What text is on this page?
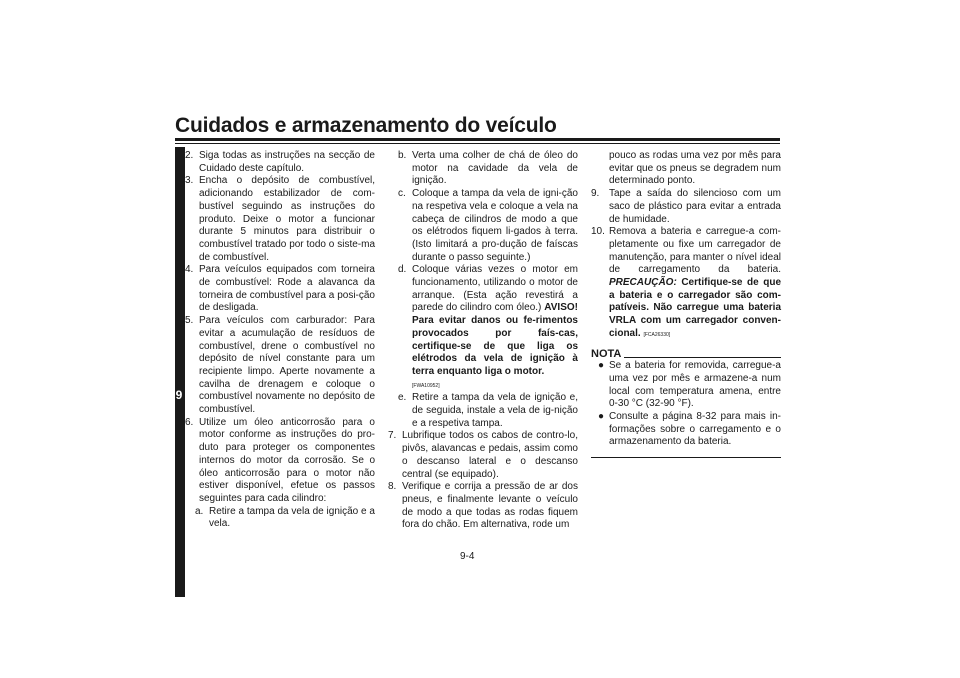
Cuidados e armazenamento do veículo
9
2. Siga todas as instruções na secção de Cuidado deste capítulo.
3. Encha o depósito de combustível, adicionando estabilizador de com-bustível seguindo as instruções do produto. Deixe o motor a funcionar durante 5 minutos para distribuir o combustível tratado por todo o siste-ma de combustível.
4. Para veículos equipados com torneira de combustível: Rode a alavanca da torneira de combustível para a posi-ção de desligada.
5. Para veículos com carburador: Para evitar a acumulação de resíduos de combustível, drene o combustível no depósito de nível constante para um recipiente limpo. Aperte novamente a cavilha de drenagem e coloque o combustível novamente no depósito de combustível.
6. Utilize um óleo anticorrosão para o motor conforme as instruções do pro-duto para proteger os componentes internos do motor da corrosão. Se o óleo anticorrosão para o motor não estiver disponível, efetue os passos seguintes para cada cilindro:
a. Retire a tampa da vela de ignição e a vela.
b. Verta uma colher de chá de óleo do motor na cavidade da vela de ignição.
c. Coloque a tampa da vela de igni-ção na respetiva vela e coloque a vela na cabeça de cilindros de modo a que os elétrodos fiquem li-gados à terra. (Isto limitará a pro-dução de faíscas durante o passo seguinte.)
d. Coloque várias vezes o motor em funcionamento, utilizando o motor de arranque. (Esta ação revestirá a parede do cilindro com óleo.) AVISO! Para evitar danos ou fe-rimentos provocados por faís-cas, certifique-se de que liga os elétrodos da vela de ignição à terra enquanto liga o motor.
[FWA10952]
e. Retire a tampa da vela de ignição e, de seguida, instale a vela de ig-nição e a respetiva tampa.
7. Lubrifique todos os cabos de contro-lo, pivôs, alavancas e pedais, assim como o descanso lateral e o descanso central (se equipado).
8. Verifique e corrija a pressão de ar dos pneus, e finalmente levante o veículo de modo a que todas as rodas fiquem fora do chão. Em alternativa, rode um
pouco as rodas uma vez por mês para evitar que os pneus se degradem num determinado ponto.
9. Tape a saída do silencioso com um saco de plástico para evitar a entrada de humidade.
10. Remova a bateria e carregue-a com-pletamente ou fixe um carregador de manutenção, para manter o nível ideal de carregamento da bateria. PRECAUÇÃO: Certifique-se de que a bateria e o carregador são com-patíveis. Não carregue uma bateria VRLA com um carregador conven-cional. [FCA26330]
NOTA
● Se a bateria for removida, carregue-a uma vez por mês e armazene-a num local com temperatura amena, entre 0-30 °C (32-90 °F).
● Consulte a página 8-32 para mais in-formações sobre o carregamento e o armazenamento da bateria.
9-4
